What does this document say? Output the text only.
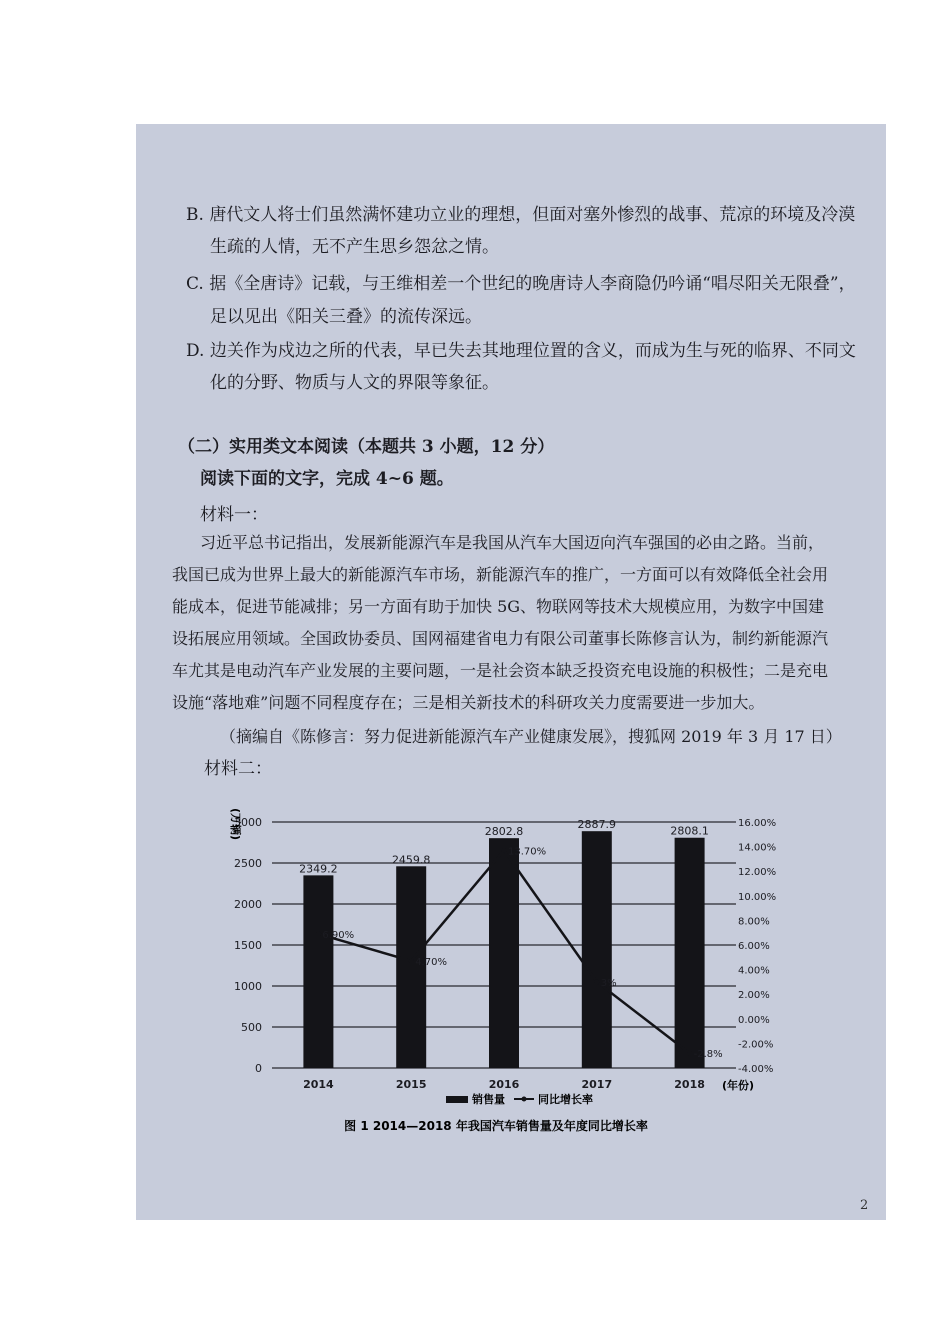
B. 唐代文人将士们虽然满怀建功立业的理想，但面对塞外惨烈的战事、荒凉的环境及冷漠
生疏的人情，无不产生思乡怨忿之情。
C. 据《全唐诗》记载，与王维相差一个世纪的晚唐诗人李商隐仍吟诵“唱尽阳关无限叠”，
足以见出《阳关三叠》的流传深远。
D. 边关作为戍边之所的代表，早已失去其地理位置的含义，而成为生与死的临界、不同文
化的分野、物质与人文的界限等象征。
（二）实用类文本阅读（本题共 3 小题，12 分）
阅读下面的文字，完成 4~6 题。
材料一：
习近平总书记指出，发展新能源汽车是我国从汽车大国迈向汽车强国的必由之路。当前，
我国已成为世界上最大的新能源汽车市场，新能源汽车的推广，一方面可以有效降低全社会用
能成本，促进节能减排；另一方面有助于加快 5G、物联网等技术大规模应用，为数字中国建
设拓展应用领域。全国政协委员、国网福建省电力有限公司董事长陈修言认为，制约新能源汽
车尤其是电动汽车产业发展的主要问题，一是社会资本缺乏投资充电设施的积极性；二是充电
设施“落地难”问题不同程度存在；三是相关新技术的科研攻关力度需要进一步加大。
（摘编自《陈修言：努力促进新能源汽车产业健康发展》，搜狐网 2019 年 3 月 17 日）
材料二：
0
500
1000
1500
2000
2500
3000
-4.00%
-2.00%
0.00%
2.00%
4.00%
6.00%
8.00%
10.00%
12.00%
14.00%
16.00%
2349.2
2459.8
2802.8
2887.9
2808.1
2014	2015	2016	2017	2018
6.90%
4.70%
13.70%
3%
-2.8%
(万辆)
(年份)
销售量	同比增长率
图 1 2014—2018 年我国汽车销售量及年度同比增长率
2
